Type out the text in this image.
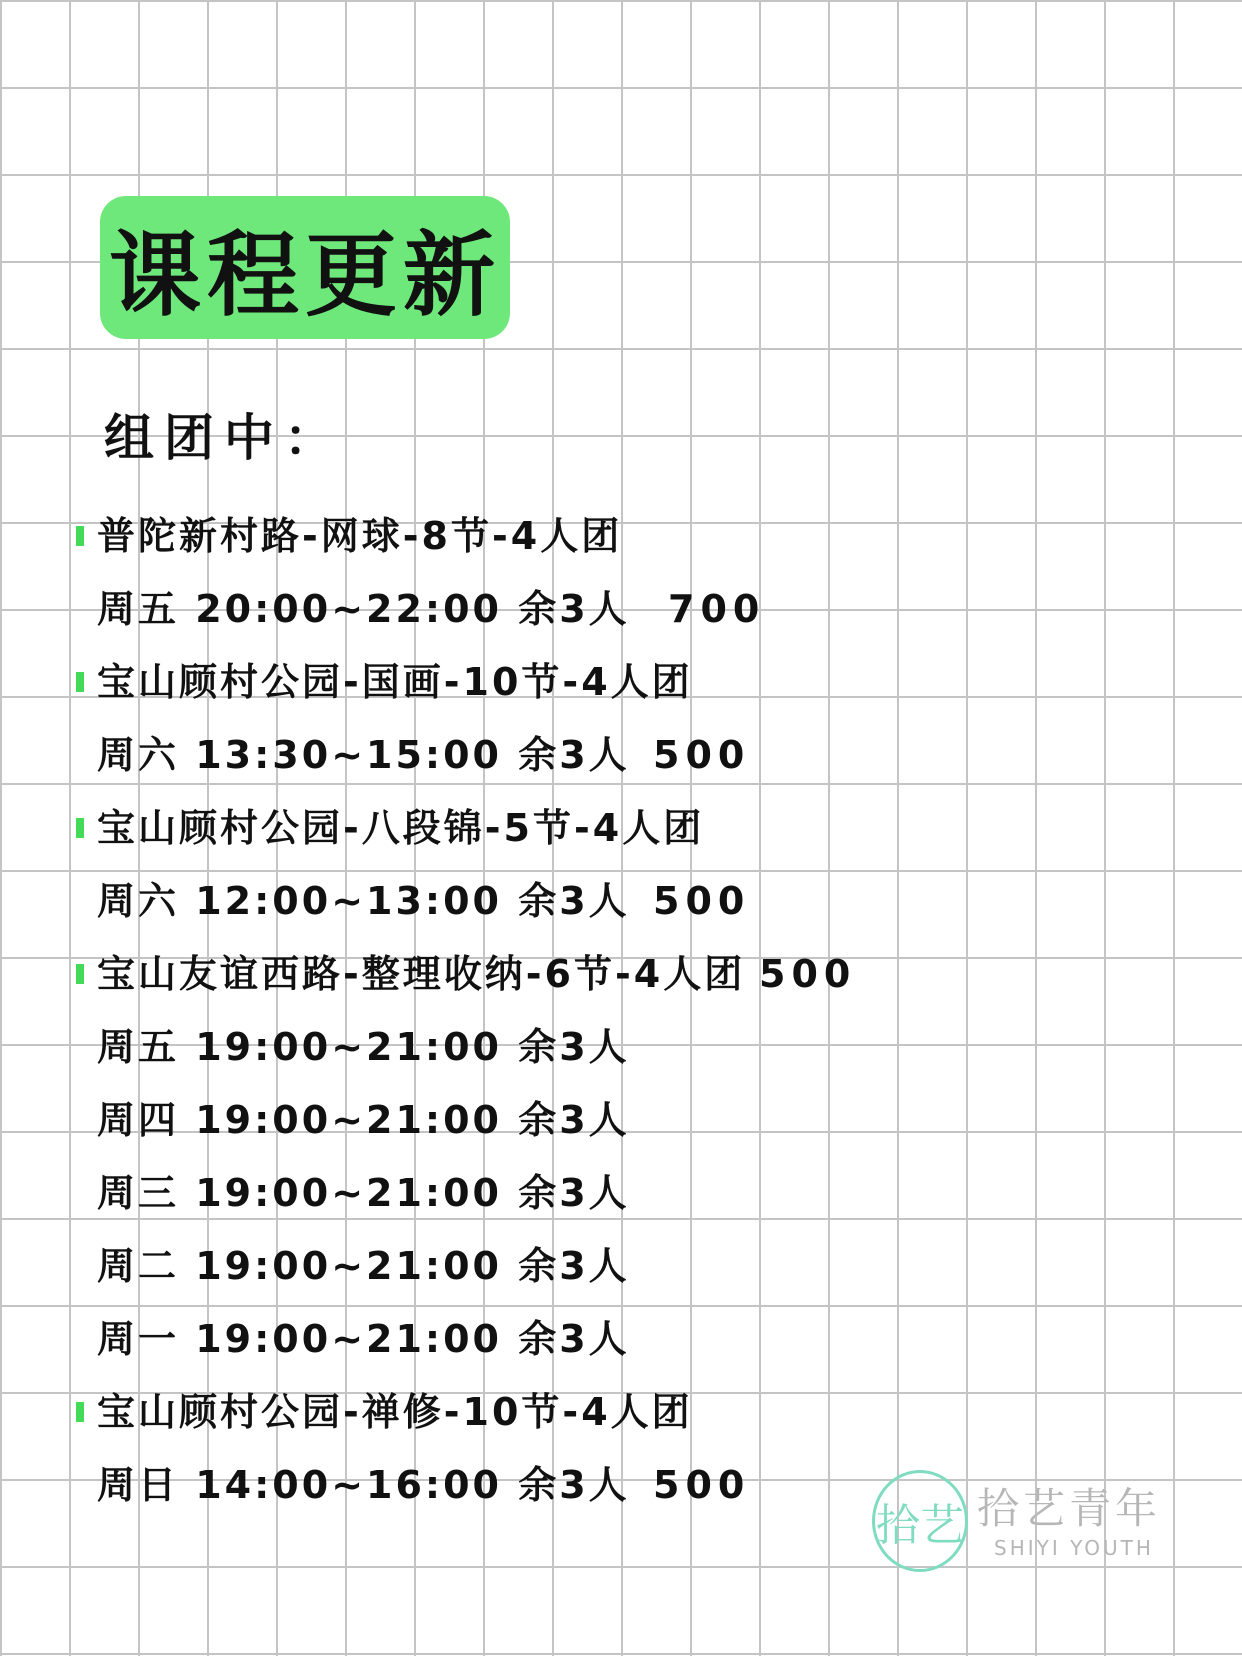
课程更新
组团中：
普陀新村路-网球-8节-4人团
周五 20:00~22:00 余3人 700
宝山顾村公园-国画-10节-4人团
周六 13:30~15:00 余3人 500
宝山顾村公园-八段锦-5节-4人团
周六 12:00~13:00 余3人 500
宝山友谊西路-整理收纳-6节-4人团 500
周五 19:00~21:00 余3人
周四 19:00~21:00 余3人
周三 19:00~21:00 余3人
周二 19:00~21:00 余3人
周一 19:00~21:00 余3人
宝山顾村公园-禅修-10节-4人团
周日 14:00~16:00 余3人 500
拾艺 拾艺青年
SHIYI YOUTH
